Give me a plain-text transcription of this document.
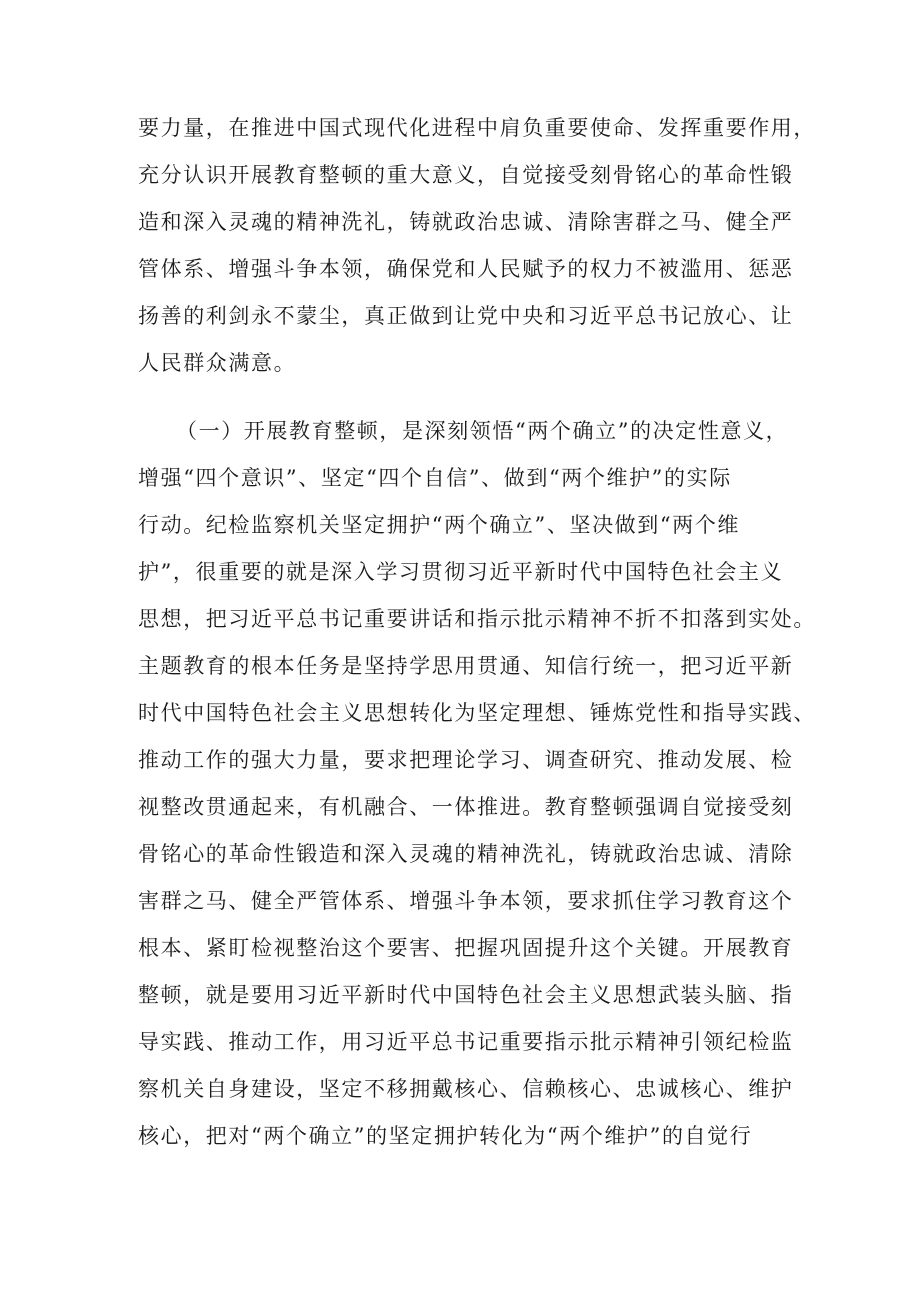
要力量，在推进中国式现代化进程中肩负重要使命、发挥重要作用，

充分认识开展教育整顿的重大意义，自觉接受刻骨铭心的革命性锻

造和深入灵魂的精神洗礼，铸就政治忠诚、清除害群之马、健全严

管体系、增强斗争本领，确保党和人民赋予的权力不被滥用、惩恶

扬善的利剑永不蒙尘，真正做到让党中央和习近平总书记放心、让

人民群众满意。

（一）开展教育整顿，是深刻领悟“两个确立”的决定性意义，

增强“四个意识”、坚定“四个自信”、做到“两个维护”的实际

行动。纪检监察机关坚定拥护“两个确立”、坚决做到“两个维

护”，很重要的就是深入学习贯彻习近平新时代中国特色社会主义

思想，把习近平总书记重要讲话和指示批示精神不折不扣落到实处。

主题教育的根本任务是坚持学思用贯通、知信行统一，把习近平新

时代中国特色社会主义思想转化为坚定理想、锤炼党性和指导实践、

推动工作的强大力量，要求把理论学习、调查研究、推动发展、检

视整改贯通起来，有机融合、一体推进。教育整顿强调自觉接受刻

骨铭心的革命性锻造和深入灵魂的精神洗礼，铸就政治忠诚、清除

害群之马、健全严管体系、增强斗争本领，要求抓住学习教育这个

根本、紧盯检视整治这个要害、把握巩固提升这个关键。开展教育

整顿，就是要用习近平新时代中国特色社会主义思想武装头脑、指

导实践、推动工作，用习近平总书记重要指示批示精神引领纪检监

察机关自身建设，坚定不移拥戴核心、信赖核心、忠诚核心、维护

核心，把对“两个确立”的坚定拥护转化为“两个维护”的自觉行
